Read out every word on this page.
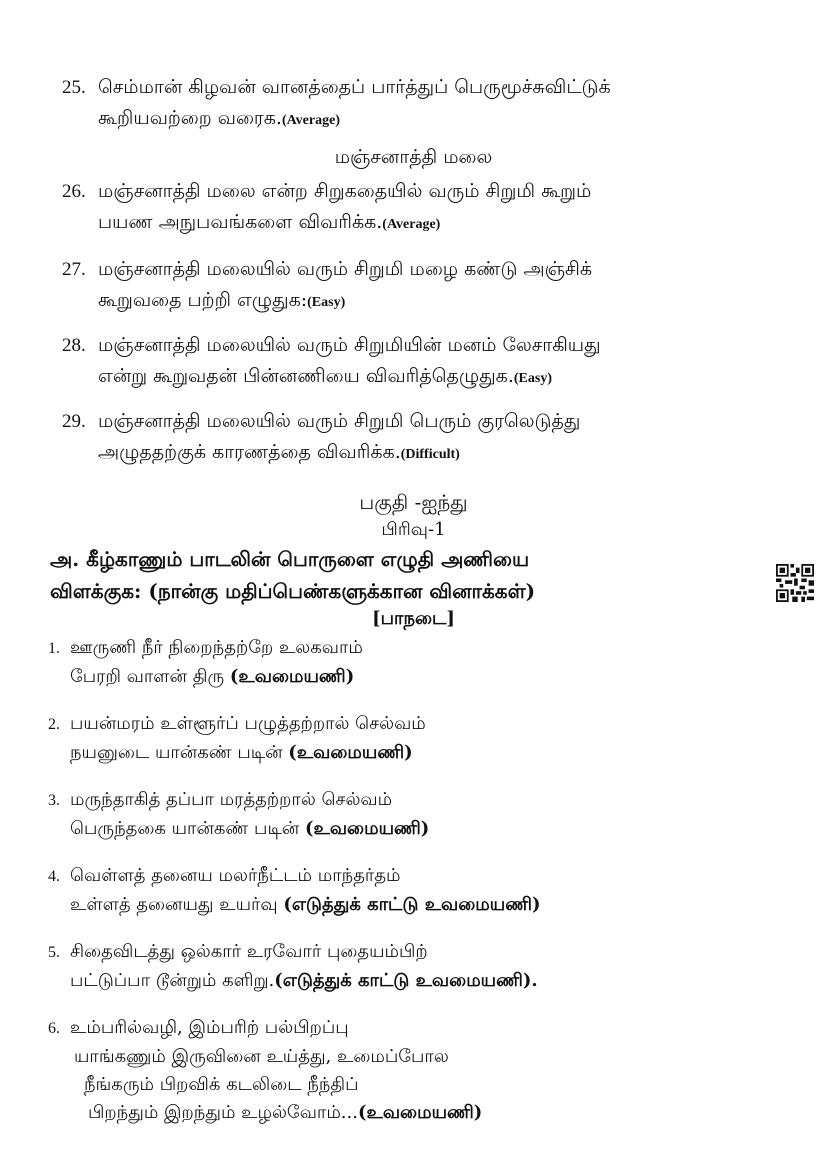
25. செம்மான் கிழவன் வானத்தைப் பார்த்துப் பெருமூச்சுவிட்டுக்
கூறியவற்றை வரைக.(Average)
மஞ்சனாத்தி மலை
26. மஞ்சனாத்தி மலை என்ற சிறுகதையில் வரும் சிறுமி கூறும்
பயண அநுபவங்களை விவரிக்க.(Average)
27. மஞ்சனாத்தி மலையில் வரும் சிறுமி மழை கண்டு அஞ்சிக்
கூறுவதை பற்றி எழுதுக:(Easy)
28. மஞ்சனாத்தி மலையில் வரும் சிறுமியின் மனம் லேசாகியது
என்று கூறுவதன் பின்னணியை விவரித்தெழுதுக.(Easy)
29. மஞ்சனாத்தி மலையில் வரும் சிறுமி பெரும் குரலெடுத்து
அழுததற்குக் காரணத்தை விவரிக்க.(Difficult)
பகுதி -ஐந்து
பிரிவு-1
அ. கீழ்காணும் பாடலின் பொருளை எழுதி அணியை
விளக்குக: (நான்கு மதிப்பெண்களுக்கான வினாக்கள்)
[பாநடை]
1. ஊருணி நீர் நிறைந்தற்றே உலகவாம்
பேரறி வாளன் திரு (உவமையணி)
2. பயன்மரம் உள்ளூர்ப் பழுத்தற்றால் செல்வம்
நயனுடை யான்கண் படின் (உவமையணி)
3. மருந்தாகித் தப்பா மரத்தற்றால் செல்வம்
பெருந்தகை யான்கண் படின் (உவமையணி)
4. வெள்ளத் தனைய மலர்நீட்டம் மாந்தர்தம்
உள்ளத் தனையது உயர்வு (எடுத்துக் காட்டு உவமையணி)
5. சிதைவிடத்து ஒல்கார் உரவோர் புதையம்பிற்
பட்டுப்பா டூன்றும் களிறு.(எடுத்துக் காட்டு உவமையணி).
6. உம்பரில்வழி, இம்பரிற் பல்பிறப்பு
யாங்கணும் இருவினை உய்த்து, உமைப்போல
நீங்கரும் பிறவிக் கடலிடை நீந்திப்
பிறந்தும் இறந்தும் உழல்வோம்...(உவமையணி)
